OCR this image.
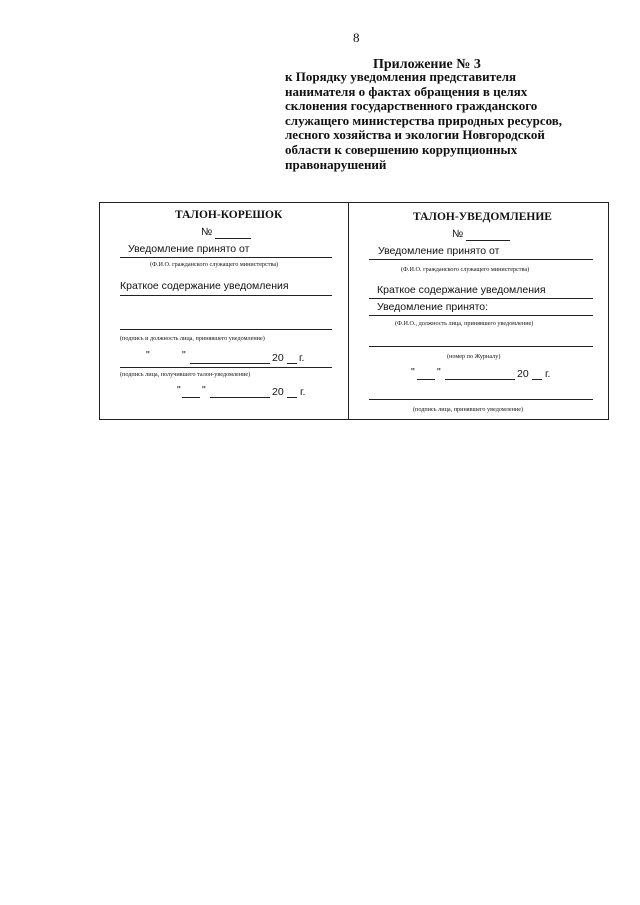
8
Приложение № 3
к Порядку уведомления представителя
нанимателя о фактах обращения в целях
склонения государственного гражданского
служащего министерства природных ресурсов,
лесного хозяйства и экологии Новгородской
области к совершению коррупционных
правонарушений
ТАЛОН-КОРЕШОК
№
Уведомление принято от
(Ф.И.О. гражданского служащего министерства)
Краткое содержание уведомления
(подпись и должность лица, принявшего уведомление)
"	"	20 г.
(подпись лица, получившего талон-уведомление)
" "	20 г.
ТАЛОН-УВЕДОМЛЕНИЕ
№
Уведомление принято от
(Ф.И.О. гражданского служащего министерства)
Краткое содержание уведомления
Уведомление принято:
(Ф.И.О., должность лица, принявшего уведомление)
(номер по Журналу)
" "	20 г.
(подпись лица, принявшего уведомление)
